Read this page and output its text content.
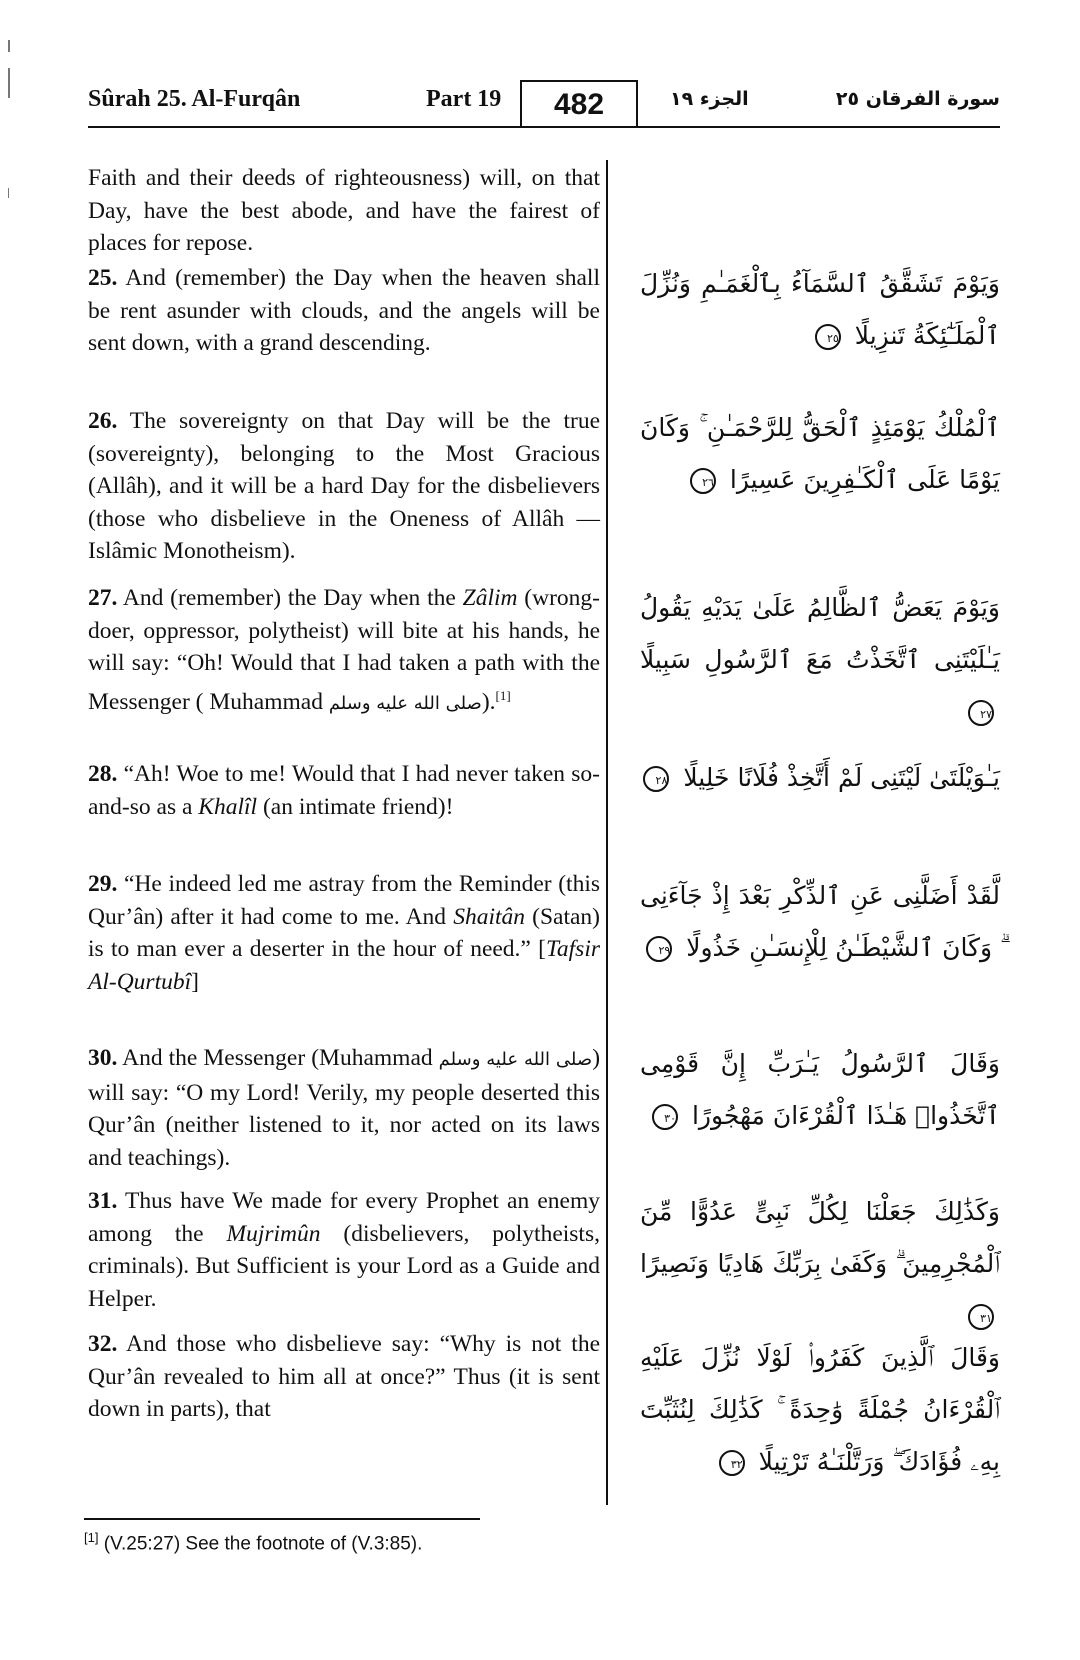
Sûrah 25. Al-Furqân	Part 19	482	الجزء ١٩	سورة الفرقان ٢٥
Faith and their deeds of righteousness) will, on that Day, have the best abode, and have the fairest of places for repose.
25. And (remember) the Day when the heaven shall be rent asunder with clouds, and the angels will be sent down, with a grand descending.
26. The sovereignty on that Day will be the true (sovereignty), belonging to the Most Gracious (Allâh), and it will be a hard Day for the disbelievers (those who disbelieve in the Oneness of Allâh — Islâmic Monotheism).
27. And (remember) the Day when the Zâlim (wrong-doer, oppressor, polytheist) will bite at his hands, he will say: “Oh! Would that I had taken a path with the Messenger ( Muhammad صلى الله عليه وسلم).[1]
28. “Ah! Woe to me! Would that I had never taken so-and-so as a Khalîl (an intimate friend)!
29. “He indeed led me astray from the Reminder (this Qur’ân) after it had come to me. And Shaitân (Satan) is to man ever a deserter in the hour of need.” [Tafsir Al-Qurtubî]
30. And the Messenger (Muhammad صلى الله عليه وسلم) will say: “O my Lord! Verily, my people deserted this Qur’ân (neither listened to it, nor acted on its laws and teachings).
31. Thus have We made for every Prophet an enemy among the Mujrimûn (disbelievers, polytheists, criminals). But Sufficient is your Lord as a Guide and Helper.
32. And those who disbelieve say: “Why is not the Qur’ân revealed to him all at once?” Thus (it is sent down in parts), that
وَيَوْمَ تَشَقَّقُ ٱلسَّمَآءُ بِٱلْغَمَـٰمِ وَنُزِّلَ ٱلْمَلَـٰٓئِكَةُ تَنزِيلًا ٢٥
ٱلْمُلْكُ يَوْمَئِذٍ ٱلْحَقُّ لِلرَّحْمَـٰنِ ۚ وَكَانَ يَوْمًا عَلَى ٱلْكَـٰفِرِينَ عَسِيرًا ٢٦
وَيَوْمَ يَعَضُّ ٱلظَّالِمُ عَلَىٰ يَدَيْهِ يَقُولُ يَـٰلَيْتَنِى ٱتَّخَذْتُ مَعَ ٱلرَّسُولِ سَبِيلًا ٢٧
يَـٰوَيْلَتَىٰ لَيْتَنِى لَمْ أَتَّخِذْ فُلَانًا خَلِيلًا ٢٨
لَّقَدْ أَضَلَّنِى عَنِ ٱلذِّكْرِ بَعْدَ إِذْ جَآءَنِى ۗ وَكَانَ ٱلشَّيْطَـٰنُ لِلْإِنسَـٰنِ خَذُولًا ٢٩
وَقَالَ ٱلرَّسُولُ يَـٰرَبِّ إِنَّ قَوْمِى ٱتَّخَذُوا۟ هَـٰذَا ٱلْقُرْءَانَ مَهْجُورًا ٣٠
وَكَذَٰلِكَ جَعَلْنَا لِكُلِّ نَبِىٍّ عَدُوًّا مِّنَ ٱلْمُجْرِمِينَ ۗ وَكَفَىٰ بِرَبِّكَ هَادِيًا وَنَصِيرًا ٣١
وَقَالَ ٱلَّذِينَ كَفَرُوا۟ لَوْلَا نُزِّلَ عَلَيْهِ ٱلْقُرْءَانُ جُمْلَةً وَٰحِدَةً ۚ كَذَٰلِكَ لِنُثَبِّتَ بِهِۦ فُؤَادَكَ ۖ وَرَتَّلْنَـٰهُ تَرْتِيلًا ٣٢
[1] (V.25:27) See the footnote of (V.3:85).
